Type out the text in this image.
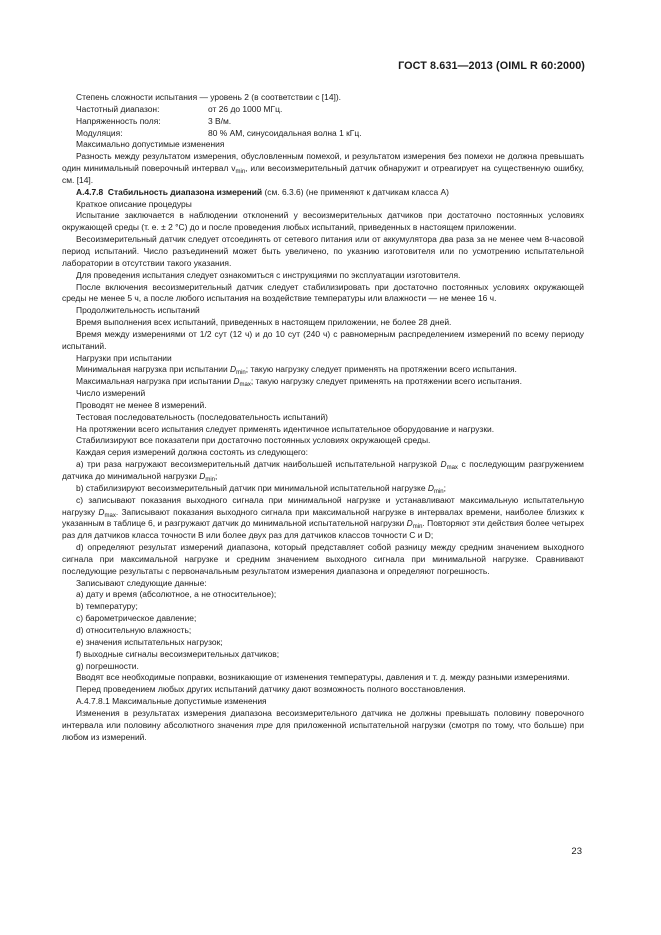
ГОСТ 8.631—2013 (OIML R 60:2000)

Степень сложности испытания — уровень 2 (в соответствии с [14]).

Частотный диапазон:	от 26 до 1000 МГц.
Напряженность поля:	3 В/м.
Модуляция:	80 % АМ, синусоидальная волна 1 кГц.

Максимально допустимые изменения

Разность между результатом измерения, обусловленным помехой, и результатом измерения без помехи не должна превышать один минимальный поверочный интервал $v_{min}$, или весоизмерительный датчик обнаружит и отреагирует на существенную ошибку, см. [14].

А.4.7.8 Стабильность диапазона измерений (см. 6.3.6) (не применяют к датчикам класса А)

Краткое описание процедуры

Испытание заключается в наблюдении отклонений у весоизмерительных датчиков при достаточно постоянных условиях окружающей среды (т. е. ± 2 °С) до и после проведения любых испытаний, приведенных в настоящем приложении.

Весоизмерительный датчик следует отсоединять от сетевого питания или от аккумулятора два раза за не менее чем 8-часовой период испытаний. Число разъединений может быть увеличено, по указнию изготовителя или по усмотрению испытательной лаборатории в отсутствии такого указания.

Для проведения испытания следует ознакомиться с инструкциями по эксплуатации изготовителя.

После включения весоизмерительный датчик следует стабилизировать при достаточно постоянных условиях окружающей среды не менее 5 ч, а после любого испытания на воздействие температуры или влажности — не менее 16 ч.

Продолжительность испытаний

Время выполнения всех испытаний, приведенных в настоящем приложении, не более 28 дней.

Время между измерениями от 1/2 сут (12 ч) и до 10 сут (240 ч) с равномерным распределением измерений по всему периоду испытаний.

Нагрузки при испытании

Минимальная нагрузка при испытании $D_{min}$; такую нагрузку следует применять на протяжении всего испытания.

Максимальная нагрузка при испытании $D_{max}$; такую нагрузку следует применять на протяжении всего испытания.

Число измерений

Проводят не менее 8 измерений.

Тестовая последовательность (последовательность испытаний)

На протяжении всего испытания следует применять идентичное испытательное оборудование и нагрузки.

Стабилизируют все показатели при достаточно постоянных условиях окружающей среды.

Каждая серия измерений должна состоять из следующего:

а) три раза нагружают весоизмерительный датчик наибольшей испытательной нагрузкой $D_{max}$ с последующим разгружением датчика до минимальной нагрузки $D_{min}$;

b) стабилизируют весоизмерительный датчик при минимальной испытательной нагрузке $D_{min}$;

с) записывают показания выходного сигнала при минимальной нагрузке и устанавливают максимальную испытательную нагрузку $D_{max}$. Записывают показания выходного сигнала при максимальной нагрузке в интервалах времени, наиболее близких к указанным в таблице 6, и разгружают датчик до минимальной испытательной нагрузки $D_{min}$. Повторяют эти действия более четырех раз для датчиков класса точности В или более двух раз для датчиков классов точности С и D;

d) определяют результат измерений диапазона, который представляет собой разницу между средним значением выходного сигнала при максимальной нагрузке и средним значением выходного сигнала при минимальной нагрузке. Сравнивают последующие результаты с первоначальным результатом измерения диапазона и определяют погрешность.

Записывают следующие данные:

а) дату и время (абсолютное, а не относительное);

b) температуру;

с) барометрическое давление;

d) относительную влажность;

е) значения испытательных нагрузок;

f) выходные сигналы весоизмерительных датчиков;

g) погрешности.

Вводят все необходимые поправки, возникающие от изменения температуры, давления и т. д. между разными измерениями.

Перед проведением любых других испытаний датчику дают возможность полного восстановления.

А.4.7.8.1 Максимальные допустимые изменения

Изменения в результатах измерения диапазона весоизмерительного датчика не должны превышать половину поверочного интервала или половину абсолютного значения mpe для приложенной испытательной нагрузки (смотря по тому, что больше) при любом из измерений.

23
